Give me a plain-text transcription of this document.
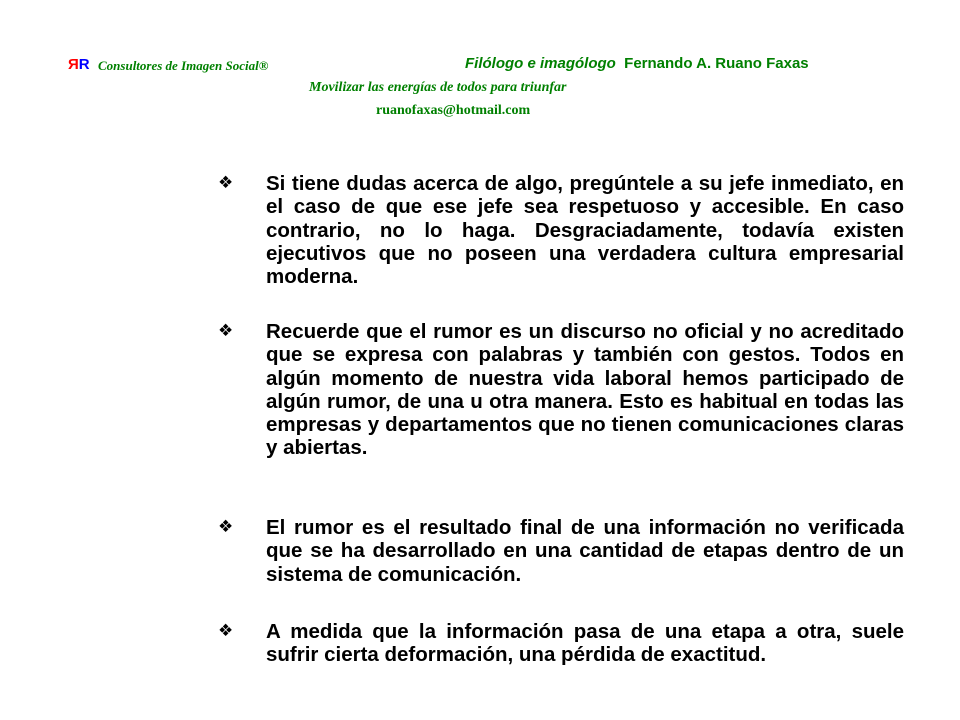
ЯR Consultores de Imagen Social®	Filólogo e imagólogo Fernando A. Ruano Faxas
Movilizar las energías de todos para triunfar
ruanofaxas@hotmail.com
❖	Si tiene dudas acerca de algo, pregúntele a su jefe inmediato, en el caso de que ese jefe sea respetuoso y accesible. En caso contrario, no lo haga. Desgraciadamente, todavía existen ejecutivos que no poseen una verdadera cultura empresarial moderna.
❖	Recuerde que el rumor es un discurso no oficial y no acreditado que se expresa con palabras y también con gestos. Todos en algún momento de nuestra vida laboral hemos participado de algún rumor, de una u otra manera. Esto es habitual en todas las empresas y departamentos que no tienen comunicaciones claras y abiertas.
❖	El rumor es el resultado final de una información no verificada que se ha desarrollado en una cantidad de etapas dentro de un sistema de comunicación.
❖	A medida que la información pasa de una etapa a otra, suele sufrir cierta deformación, una pérdida de exactitud.
